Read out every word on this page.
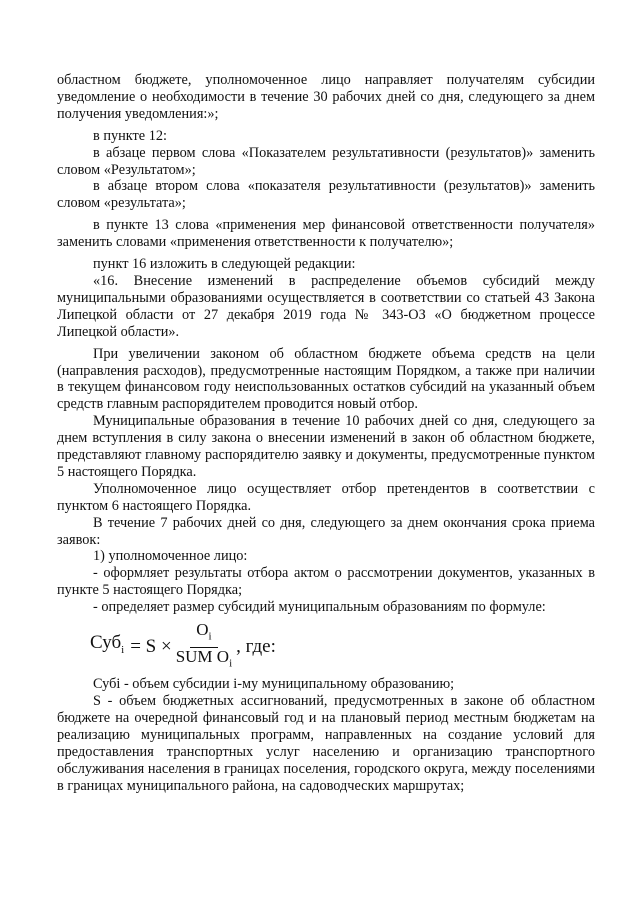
областном бюджете, уполномоченное лицо направляет получателям субсидии уведомление о необходимости в течение 30 рабочих дней со дня, следующего за днем получения уведомления:»;

в пункте 12:

в абзаце первом слова «Показателем результативности (результатов)» заменить словом «Результатом»;

в абзаце втором слова «показателя результативности (результатов)» заменить словом «результата»;

в пункте 13 слова «применения мер финансовой ответственности получателя» заменить словами «применения ответственности к получателю»;

пункт 16 изложить в следующей редакции:

«16. Внесение изменений в распределение объемов субсидий между муниципальными образованиями осуществляется в соответствии со статьей 43 Закона Липецкой области от 27 декабря 2019 года № 343-ОЗ «О бюджетном процессе Липецкой области».

При увеличении законом об областном бюджете объема средств на цели (направления расходов), предусмотренные настоящим Порядком, а также при наличии в текущем финансовом году неиспользованных остатков субсидий на указанный объем средств главным распорядителем проводится новый отбор.

Муниципальные образования в течение 10 рабочих дней со дня, следующего за днем вступления в силу закона о внесении изменений в закон об областном бюджете, представляют главному распорядителю заявку и документы, предусмотренные пунктом 5 настоящего Порядка.

Уполномоченное лицо осуществляет отбор претендентов в соответствии с пунктом 6 настоящего Порядка.

В течение 7 рабочих дней со дня, следующего за днем окончания срока приема заявок:

1) уполномоченное лицо:

- оформляет результаты отбора актом о рассмотрении документов, указанных в пункте 5 настоящего Порядка;

- определяет размер субсидий муниципальным образованиям по формуле:

$Суб_i = S \times \frac{O_i}{SUM O_i}$ , где:

Субi - объем субсидии i-му муниципальному образованию;

S - объем бюджетных ассигнований, предусмотренных в законе об областном бюджете на очередной финансовый год и на плановый период местным бюджетам на реализацию муниципальных программ, направленных на создание условий для предоставления транспортных услуг населению и организацию транспортного обслуживания населения в границах поселения, городского округа, между поселениями в границах муниципального района, на садоводческих маршрутах;
